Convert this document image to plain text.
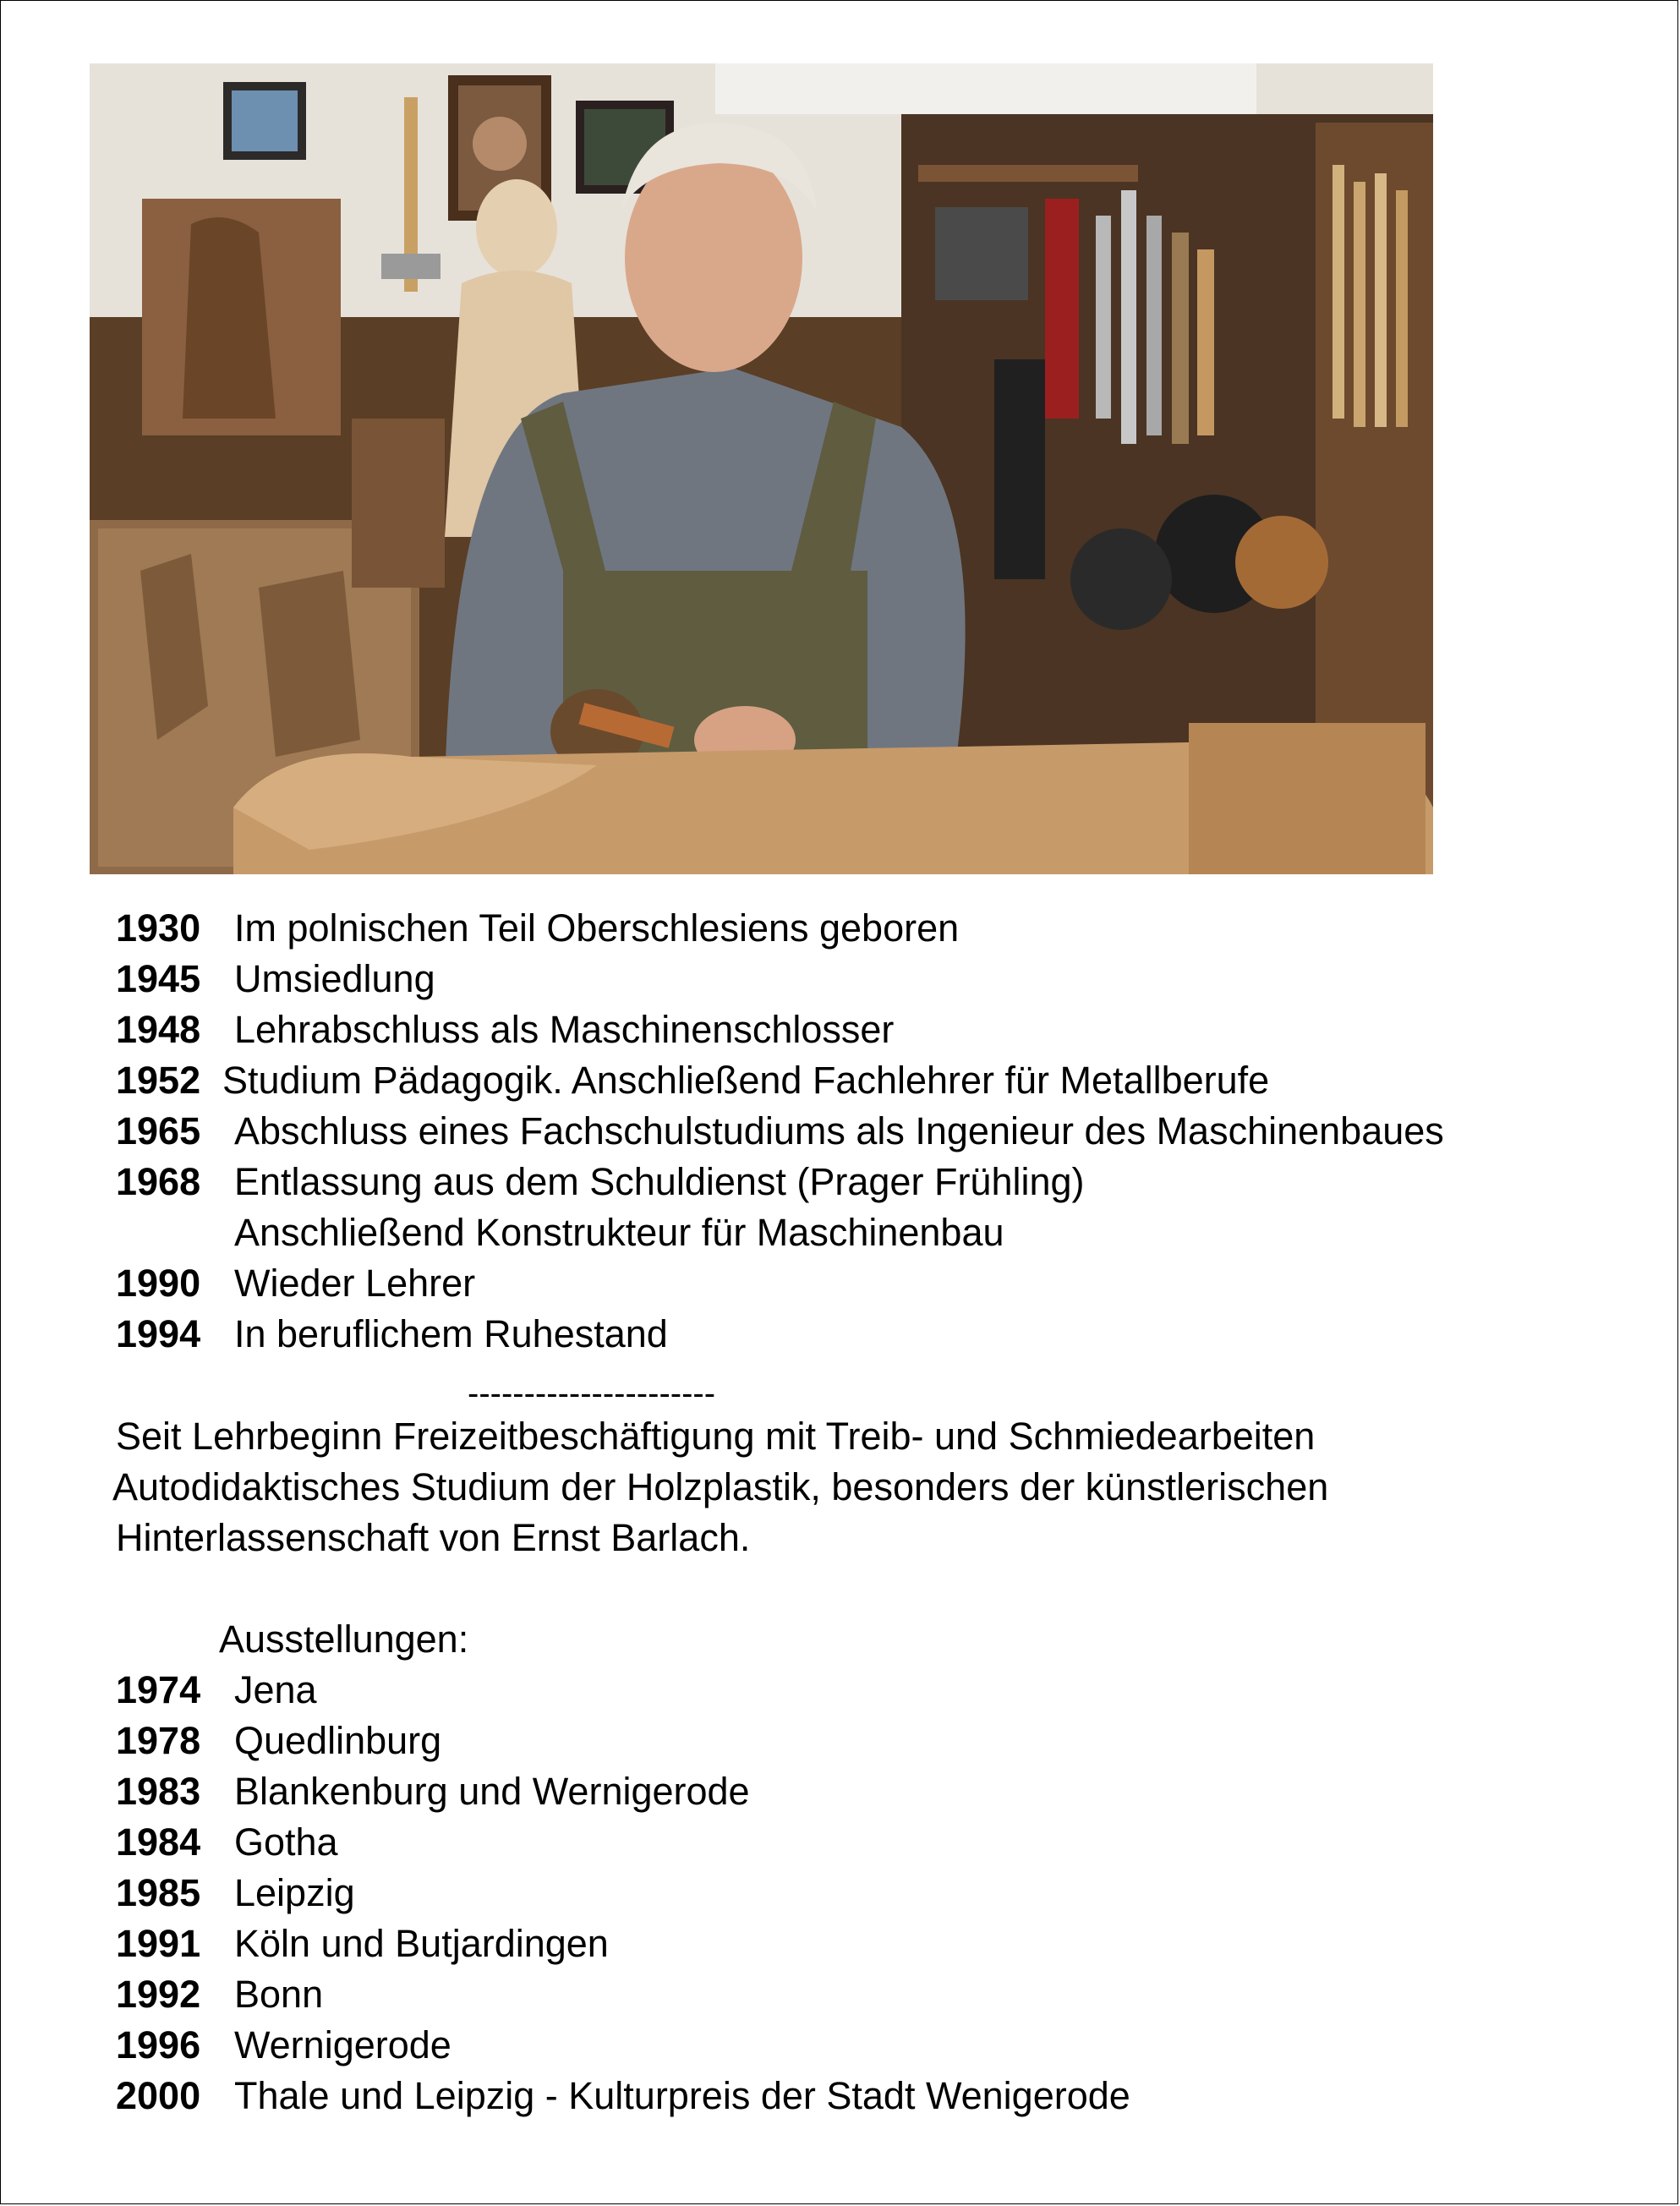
1930 Im polnischen Teil Oberschlesiens geboren
1945 Umsiedlung
1948 Lehrabschluss als Maschinenschlosser
1952 Studium Pädagogik. Anschließend Fachlehrer für Metallberufe
1965 Abschluss eines Fachschulstudiums als Ingenieur des Maschinenbaues
1968 Entlassung aus dem Schuldienst (Prager Frühling)
Anschließend Konstrukteur für Maschinenbau
1990 Wieder Lehrer
1994 In beruflichem Ruhestand
----------------------
Seit Lehrbeginn Freizeitbeschäftigung mit Treib- und Schmiedearbeiten
Autodidaktisches Studium der Holzplastik, besonders der künstlerischen
Hinterlassenschaft von Ernst Barlach.
Ausstellungen:
1974 Jena
1978 Quedlinburg
1983 Blankenburg und Wernigerode
1984 Gotha
1985 Leipzig
1991 Köln und Butjardingen
1992 Bonn
1996 Wernigerode
2000 Thale und Leipzig - Kulturpreis der Stadt Wenigerode
